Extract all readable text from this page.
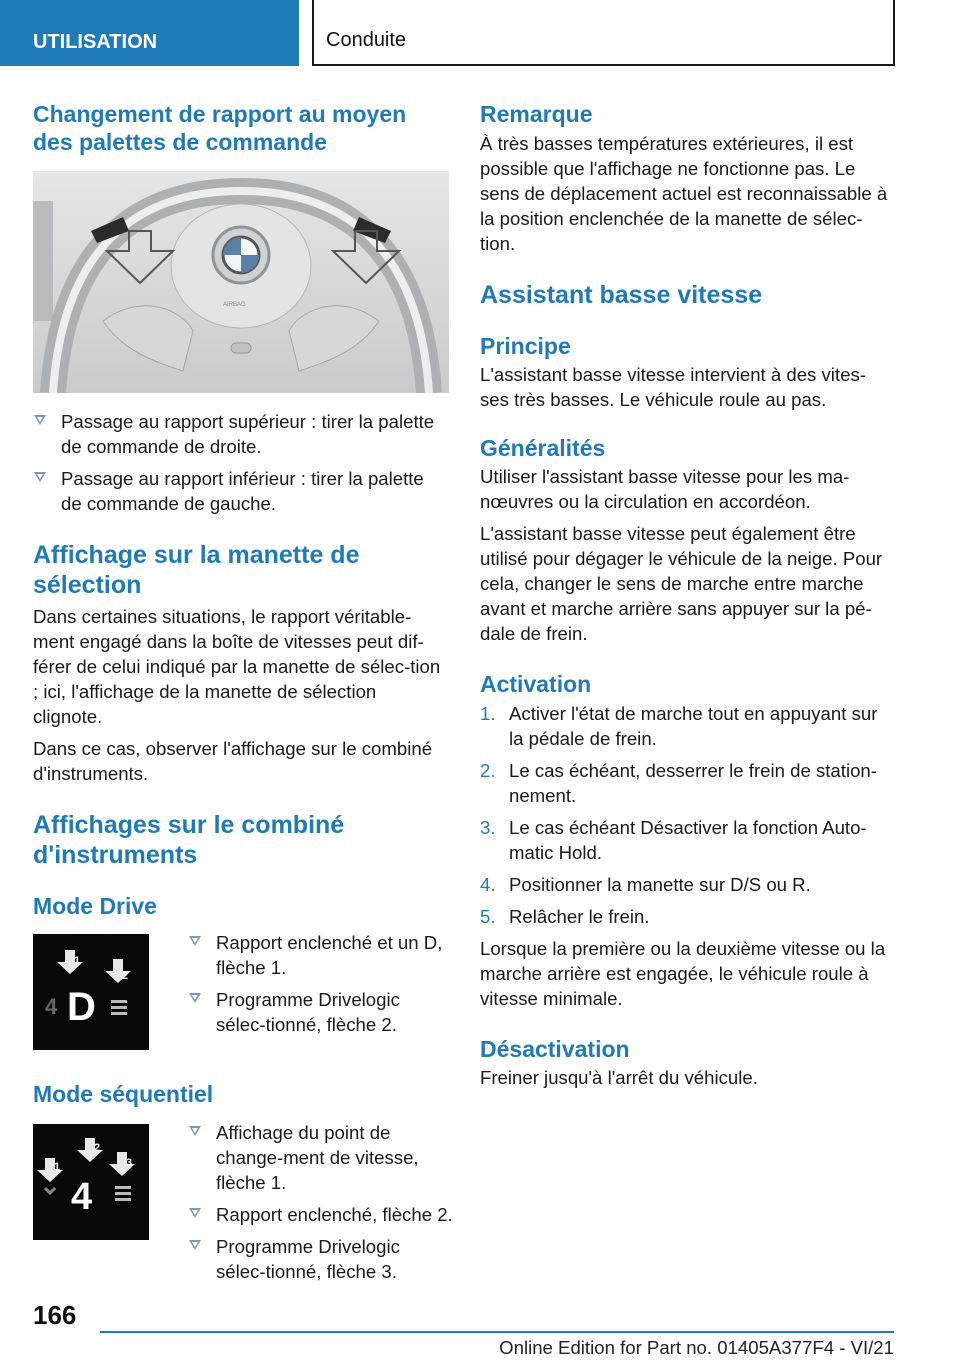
UTILISATION	Conduite
Changement de rapport au moyen des palettes de commande
AIRBAG
Passage au rapport supérieur : tirer la palette de commande de droite.
Passage au rapport inférieur : tirer la palette de commande de gauche.
Affichage sur la manette de sélection

Dans certaines situations, le rapport véritable-ment engagé dans la boîte de vitesses peut dif-férer de celui indiqué par la manette de sélec-tion ; ici, l'affichage de la manette de sélection clignote.

Dans ce cas, observer l'affichage sur le combiné d'instruments.

Affichages sur le combiné d'instruments
Mode Drive
1
2
4 D
Rapport enclenché et un D, flèche 1.
Programme Drivelogic sélec-tionné, flèche 2.
Mode séquentiel
1
2
3
4
Affichage du point de change-ment de vitesse, flèche 1.
Rapport enclenché, flèche 2.
Programme Drivelogic sélec-tionné, flèche 3.
Remarque

À très basses températures extérieures, il est possible que l'affichage ne fonctionne pas. Le sens de déplacement actuel est reconnaissable à la position enclenchée de la manette de sélec-tion.

Assistant basse vitesse
Principe

L'assistant basse vitesse intervient à des vites-ses très basses. Le véhicule roule au pas.

Généralités

Utiliser l'assistant basse vitesse pour les ma-nœuvres ou la circulation en accordéon.

L'assistant basse vitesse peut également être utilisé pour dégager le véhicule de la neige. Pour cela, changer le sens de marche entre marche avant et marche arrière sans appuyer sur la pé-dale de frein.

Activation
1. Activer l'état de marche tout en appuyant sur la pédale de frein.
2. Le cas échéant, desserrer le frein de station-nement.
3. Le cas échéant Désactiver la fonction Auto-matic Hold.
4. Positionner la manette sur D/S ou R.
5. Relâcher le frein.

Lorsque la première ou la deuxième vitesse ou la marche arrière est engagée, le véhicule roule à vitesse minimale.

Désactivation

Freiner jusqu'à l'arrêt du véhicule.

166
Online Edition for Part no. 01405A377F4 - VI/21
